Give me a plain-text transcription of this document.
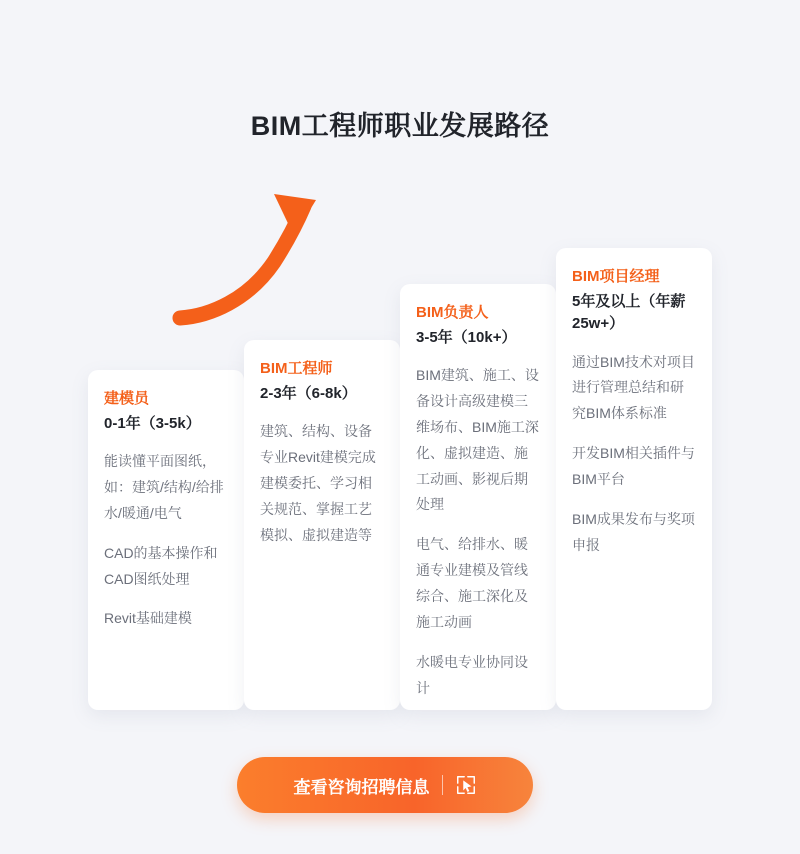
BIM工程师职业发展路径
建模员
0-1年（3-5k）
能读懂平面图纸，如：建筑/结构/给排水/暖通/电气
CAD的基本操作和CAD图纸处理
Revit基础建模
BIM工程师
2-3年（6-8k）
建筑、结构、设备专业Revit建模完成建模委托、学习相关规范、掌握工艺模拟、虚拟建造等
BIM负责人
3-5年（10k+）
BIM建筑、施工、设备设计高级建模三维场布、BIM施工深化、虚拟建造、施工动画、影视后期处理
电气、给排水、暖通专业建模及管线综合、施工深化及施工动画
水暖电专业协同设计
BIM项目经理
5年及以上（年薪25w+）
通过BIM技术对项目进行管理总结和研究BIM体系标准
开发BIM相关插件与BIM平台
BIM成果发布与奖项申报
查看咨询招聘信息
